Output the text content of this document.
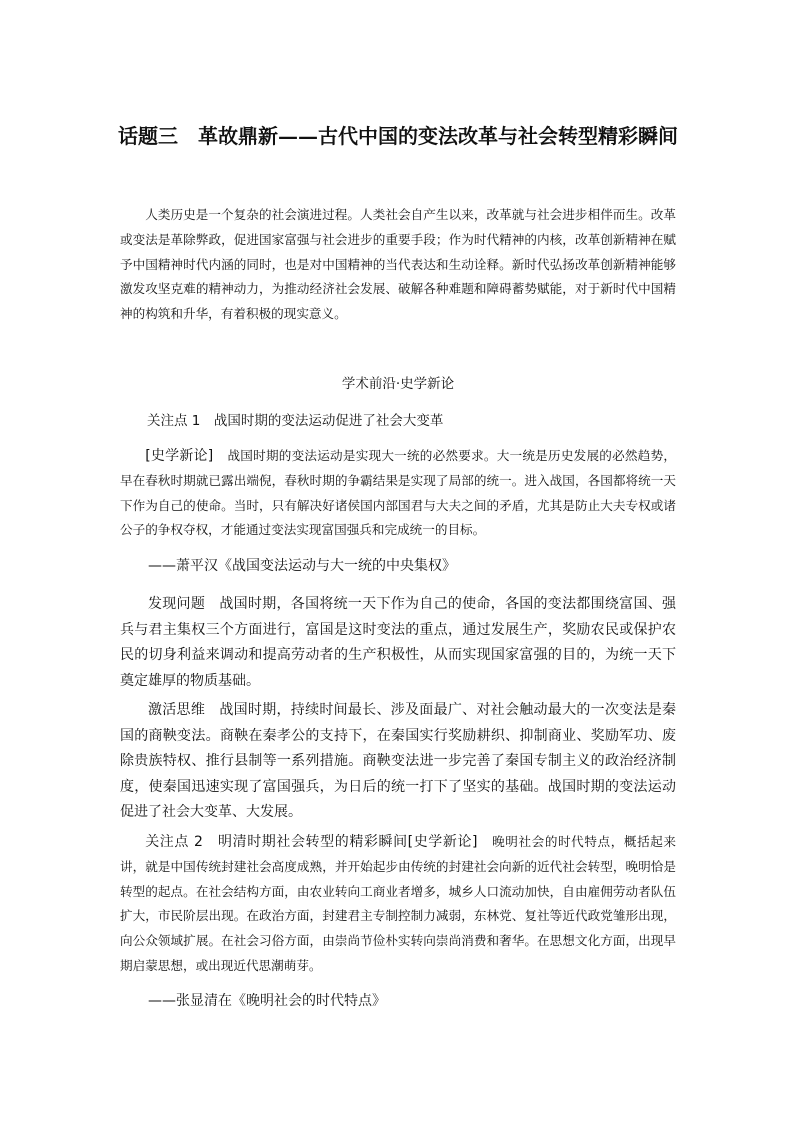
话题三　革故鼎新——古代中国的变法改革与社会转型精彩瞬间

人类历史是一个复杂的社会演进过程。人类社会自产生以来，改革就与社会进步相伴而生。改革或变法是革除弊政，促进国家富强与社会进步的重要手段；作为时代精神的内核，改革创新精神在赋予中国精神时代内涵的同时，也是对中国精神的当代表达和生动诠释。新时代弘扬改革创新精神能够激发攻坚克难的精神动力，为推动经济社会发展、破解各种难题和障碍蓄势赋能，对于新时代中国精神的构筑和升华，有着积极的现实意义。

学术前沿·史学新论

关注点 1　战国时期的变法运动促进了社会大变革

[史学新论] 战国时期的变法运动是实现大一统的必然要求。大一统是历史发展的必然趋势，早在春秋时期就已露出端倪，春秋时期的争霸结果是实现了局部的统一。进入战国，各国都将统一天下作为自己的使命。当时，只有解决好诸侯国内部国君与大夫之间的矛盾，尤其是防止大夫专权或诸公子的争权夺权，才能通过变法实现富国强兵和完成统一的目标。

——萧平汉《战国变法运动与大一统的中央集权》

发现问题 战国时期，各国将统一天下作为自己的使命，各国的变法都围绕富国、强兵与君主集权三个方面进行，富国是这时变法的重点，通过发展生产，奖励农民或保护农民的切身利益来调动和提高劳动者的生产积极性，从而实现国家富强的目的，为统一天下奠定雄厚的物质基础。

激活思维 战国时期，持续时间最长、涉及面最广、对社会触动最大的一次变法是秦国的商鞅变法。商鞅在秦孝公的支持下，在秦国实行奖励耕织、抑制商业、奖励军功、废除贵族特权、推行县制等一系列措施。商鞅变法进一步完善了秦国专制主义的政治经济制度，使秦国迅速实现了富国强兵，为日后的统一打下了坚实的基础。战国时期的变法运动促进了社会大变革、大发展。

关注点 2　明清时期社会转型的精彩瞬间[史学新论] 晚明社会的时代特点，概括起来讲，就是中国传统封建社会高度成熟，并开始起步由传统的封建社会向新的近代社会转型，晚明恰是转型的起点。在社会结构方面，由农业转向工商业者增多，城乡人口流动加快，自由雇佣劳动者队伍扩大，市民阶层出现。在政治方面，封建君主专制控制力减弱，东林党、复社等近代政党雏形出现，向公众领域扩展。在社会习俗方面，由崇尚节俭朴实转向崇尚消费和奢华。在思想文化方面，出现早期启蒙思想，或出现近代思潮萌芽。

——张显清在《晚明社会的时代特点》
